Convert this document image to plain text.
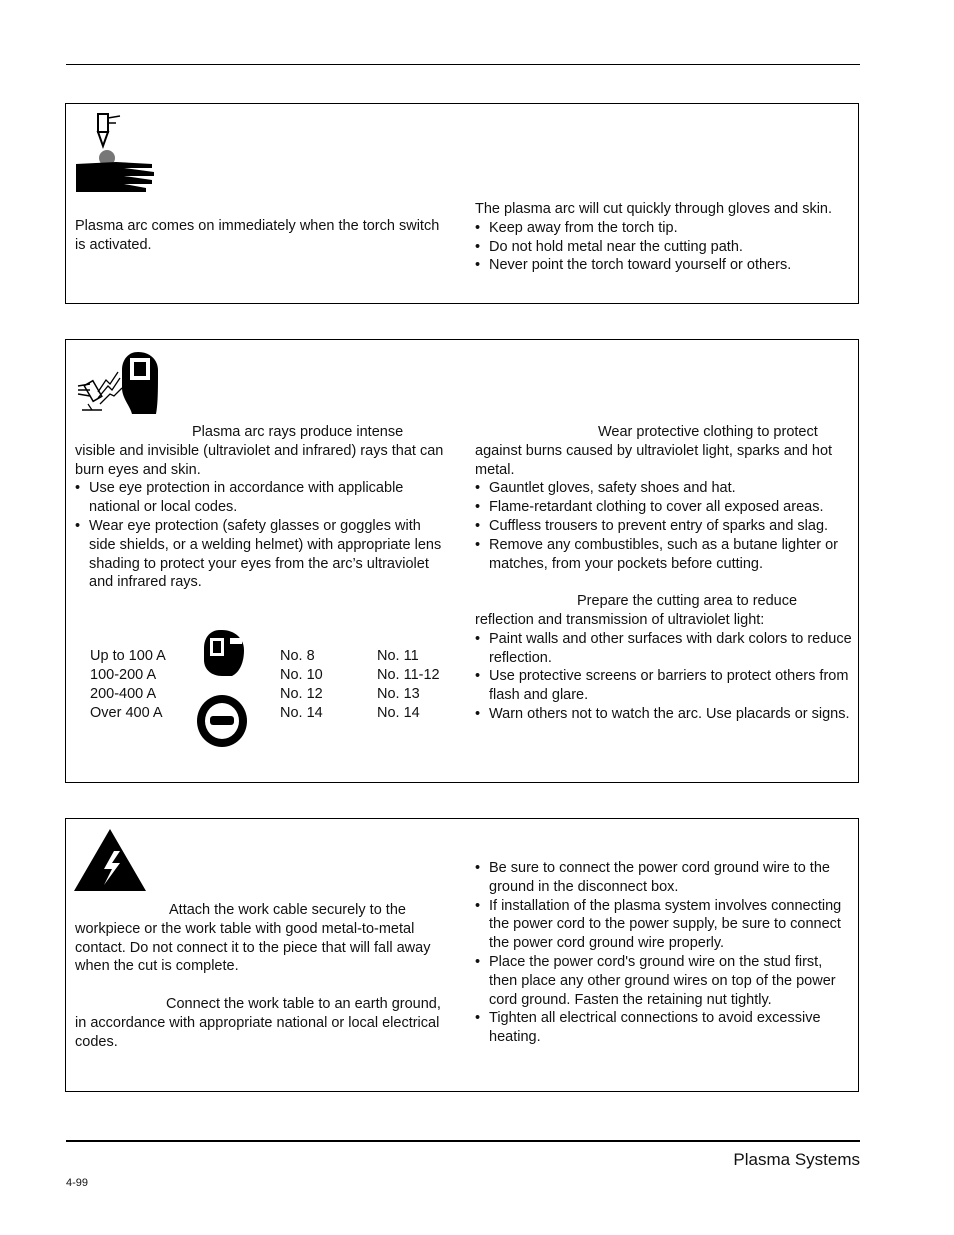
Plasma arc comes on immediately when the torch switch is activated.

The plasma arc will cut quickly through gloves and skin.

• Keep away from the torch tip.
• Do not hold metal near the cutting path.
• Never point the torch toward yourself or others.

Plasma arc rays produce intense visible and invisible (ultraviolet and infrared) rays that can burn eyes and skin.

• Use eye protection in accordance with applicable national or local codes.
• Wear eye protection (safety glasses or goggles with side shields, or a welding helmet) with appropriate lens shading to protect your eyes from the arc’s ultraviolet and infrared rays.
Up to 100 A	No. 8	No. 11
100-200 A	No. 10	No. 11-12
200-400 A	No. 12	No. 13
Over 400 A	No. 14	No. 14

Wear protective clothing to protect against burns caused by ultraviolet light, sparks and hot metal.

• Gauntlet gloves, safety shoes and hat.
• Flame-retardant clothing to cover all exposed areas.
• Cuffless trousers to prevent entry of sparks and slag.
• Remove any combustibles, such as a butane lighter or matches, from your pockets before cutting.

Prepare the cutting area to reduce reflection and transmission of ultraviolet light:

• Paint walls and other surfaces with dark colors to reduce reflection.
• Use protective screens or barriers to protect others from flash and glare.
• Warn others not to watch the arc. Use placards or signs.

Attach the work cable securely to the workpiece or the work table with good metal-to-metal contact. Do not connect it to the piece that will fall away when the cut is complete.

Connect the work table to an earth ground, in accordance with appropriate national or local electrical codes.

• Be sure to connect the power cord ground wire to the ground in the disconnect box.
• If installation of the plasma system involves connecting the power cord to the power supply, be sure to connect the power cord ground wire properly.
• Place the power cord's ground wire on the stud first, then place any other ground wires on top of the power cord ground. Fasten the retaining nut tightly.
• Tighten all electrical connections to avoid excessive heating.
Plasma Systems
4-99
